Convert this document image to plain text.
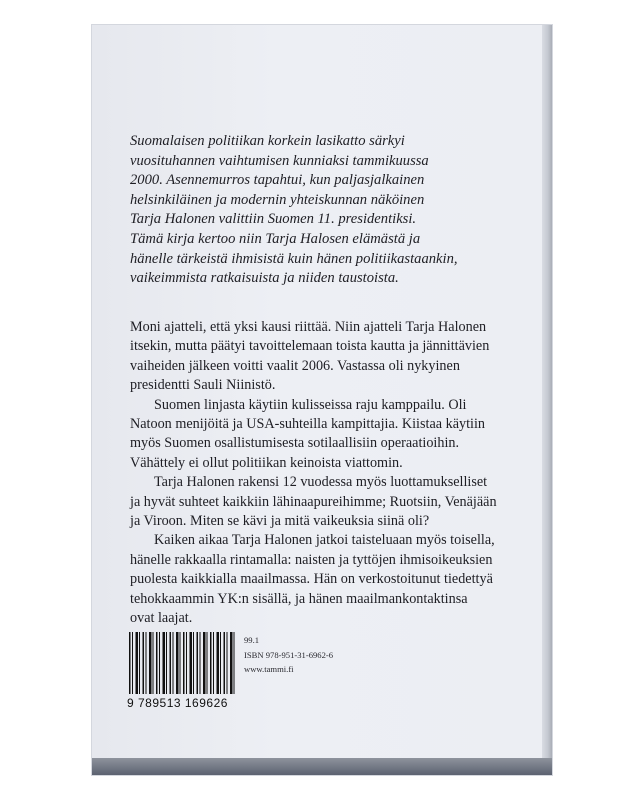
Suomalaisen politiikan korkein lasikatto särkyi
vuosituhannen vaihtumisen kunniaksi tammikuussa
2000. Asennemurros tapahtui, kun paljasjalkainen
helsinkiläinen ja modernin yhteiskunnan näköinen
Tarja Halonen valittiin Suomen 11. presidentiksi.
Tämä kirja kertoo niin Tarja Halosen elämästä ja
hänelle tärkeistä ihmisistä kuin hänen politiikastaankin,
vaikeimmista ratkaisuista ja niiden taustoista.

Moni ajatteli, että yksi kausi riittää. Niin ajatteli Tarja Halonen
itsekin, mutta päätyi tavoittelemaan toista kautta ja jännittävien
vaiheiden jälkeen voitti vaalit 2006. Vastassa oli nykyinen
presidentti Sauli Niinistö.

Suomen linjasta käytiin kulisseissa raju kamppailu. Oli
Natoon menijöitä ja USA-suhteilla kampittajia. Kiistaa käytiin
myös Suomen osallistumisesta sotilaallisiin operaatioihin.
Vähättely ei ollut politiikan keinoista viattomin.

Tarja Halonen rakensi 12 vuodessa myös luottamukselliset
ja hyvät suhteet kaikkiin lähinaapureihimme; Ruotsiin, Venäjään
ja Viroon. Miten se kävi ja mitä vaikeuksia siinä oli?

Kaiken aikaa Tarja Halonen jatkoi taisteluaan myös toisella,
hänelle rakkaalla rintamalla: naisten ja tyttöjen ihmisoikeuksien
puolesta kaikkialla maailmassa. Hän on verkostoitunut tiedettyä
tehokkaammin YK:n sisällä, ja hänen maailmankontaktinsa
ovat laajat.

9 789513 169626
99.1
ISBN 978-951-31-6962-6
www.tammi.fi
